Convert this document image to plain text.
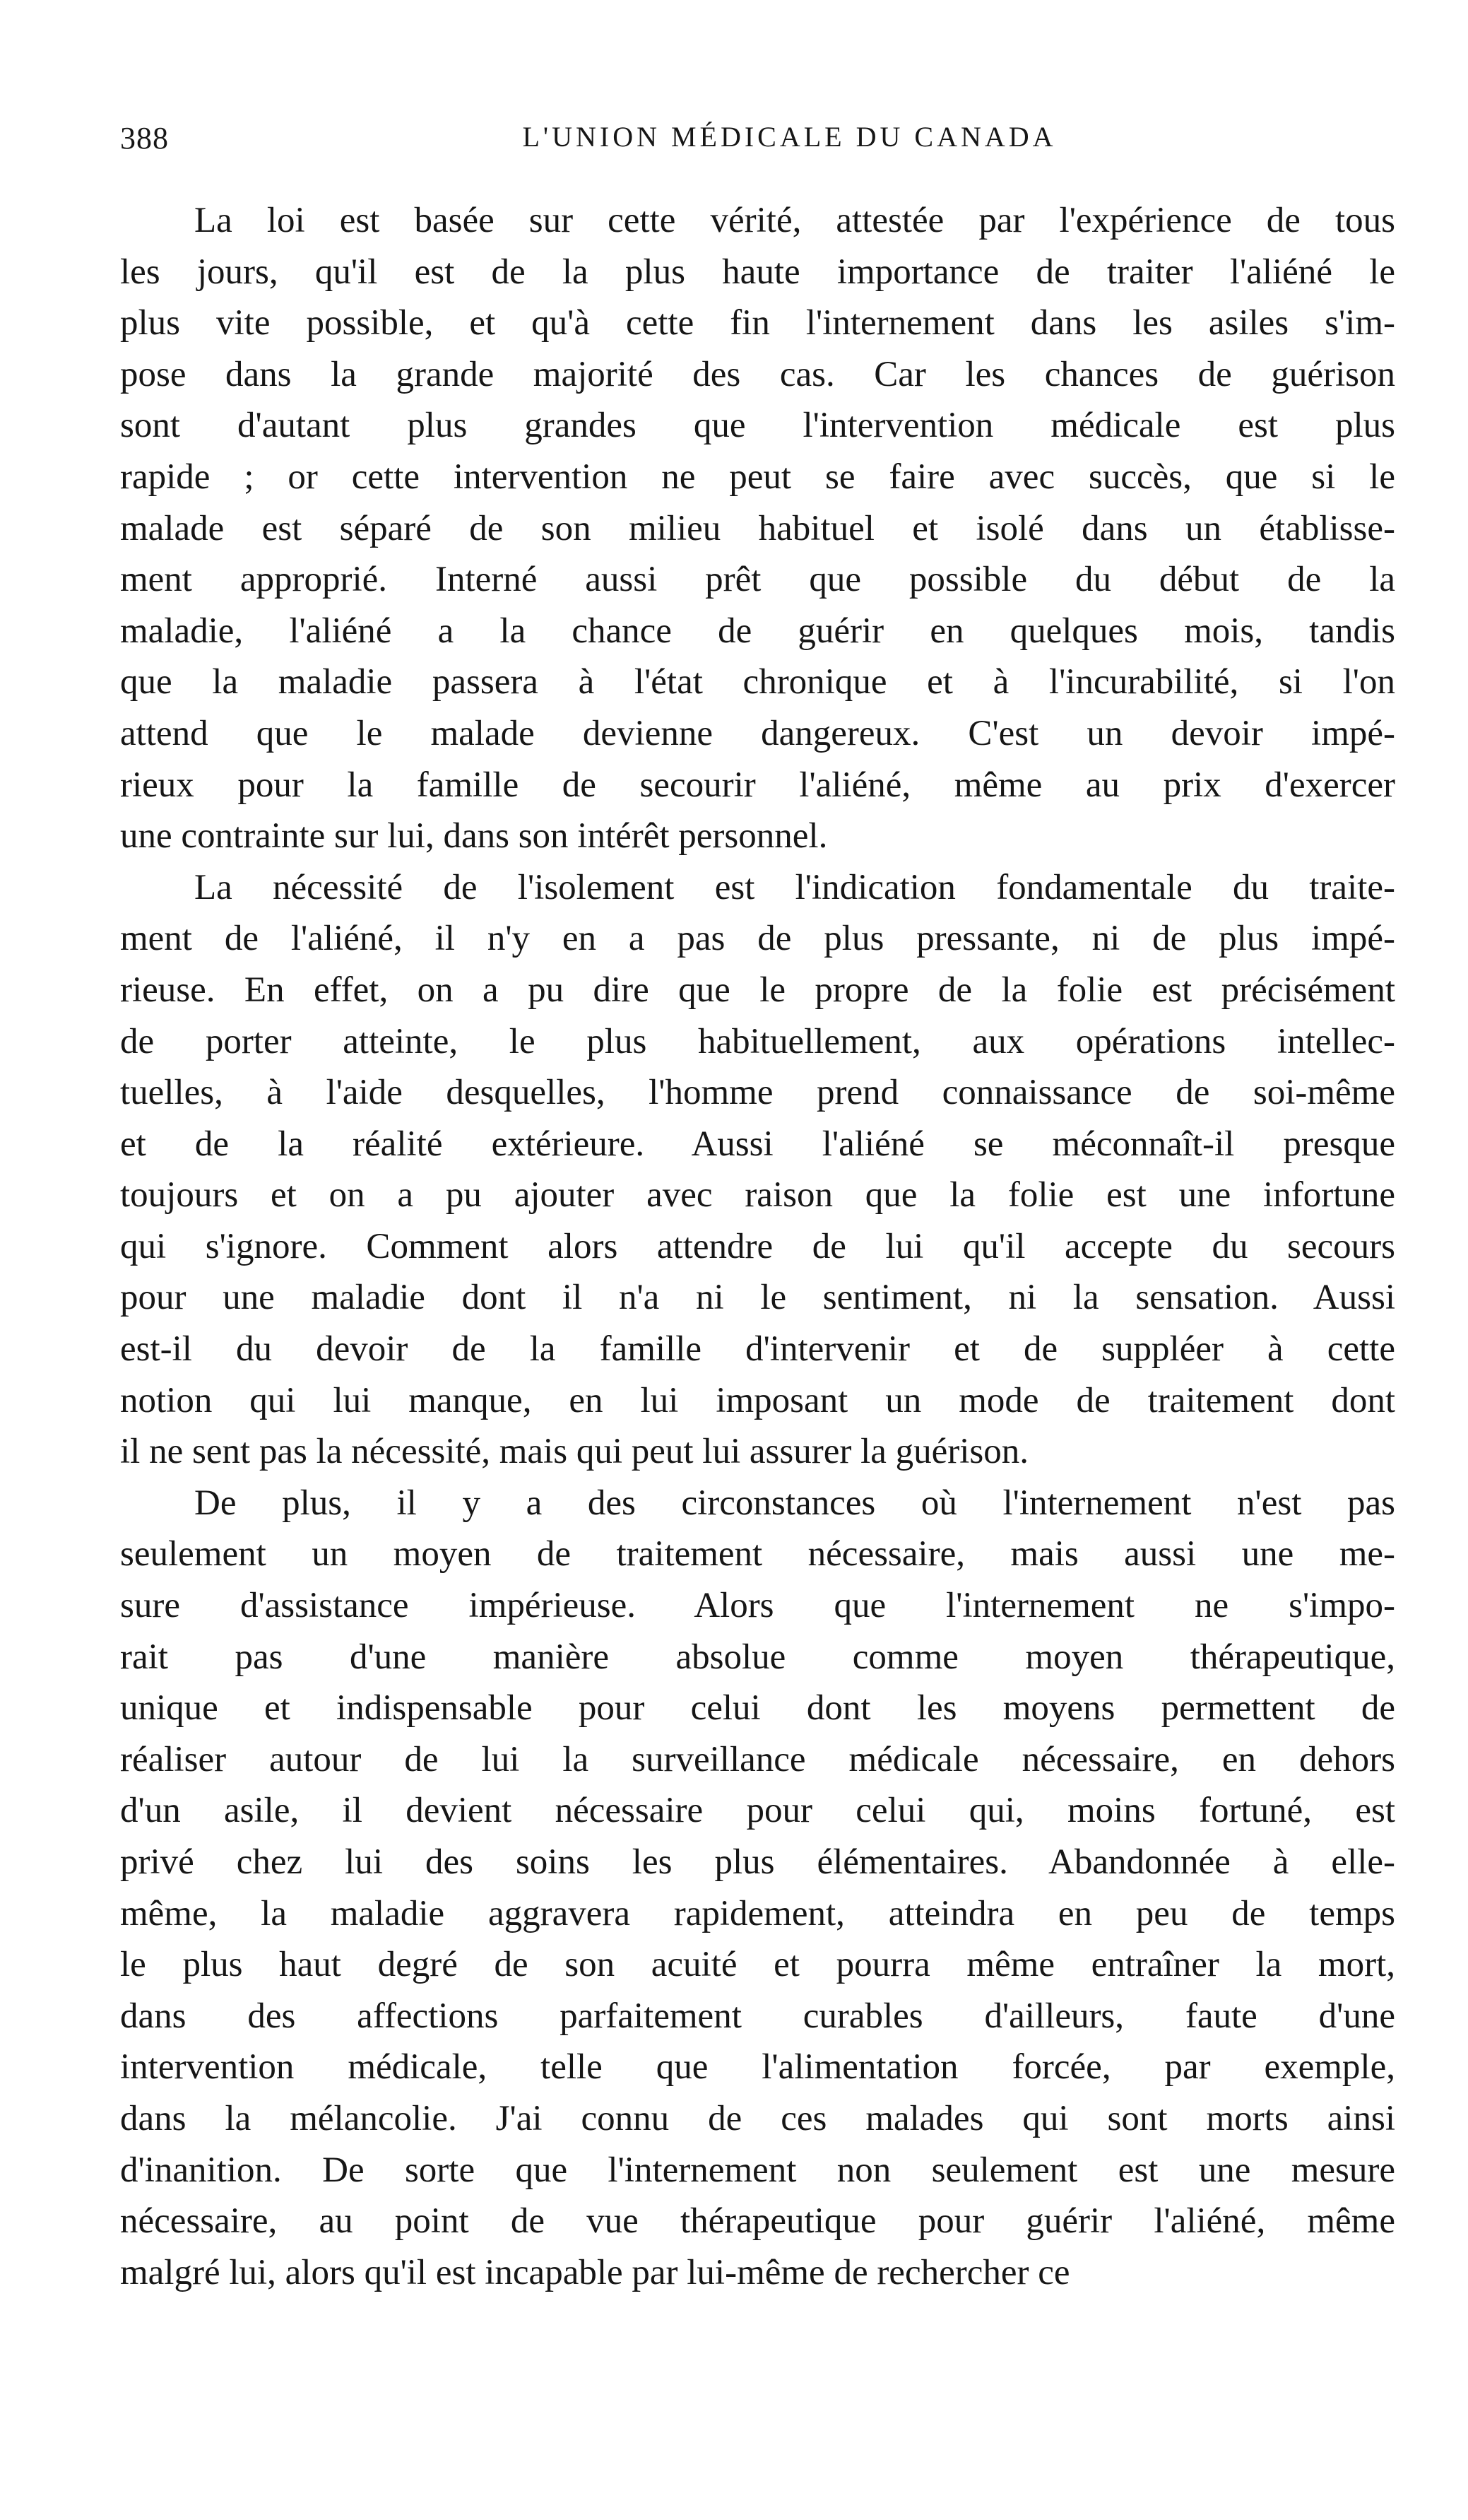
388	L'UNION MÉDICALE DU CANADA
La loi est basée sur cette vérité, attestée par l'expérience de tous
les jours, qu'il est de la plus haute importance de traiter l'aliéné le
plus vite possible, et qu'à cette fin l'internement dans les asiles s'im-
pose dans la grande majorité des cas. Car les chances de guérison
sont d'autant plus grandes que l'intervention médicale est plus
rapide ; or cette intervention ne peut se faire avec succès, que si le
malade est séparé de son milieu habituel et isolé dans un établisse-
ment approprié. Interné aussi prêt que possible du début de la
maladie, l'aliéné a la chance de guérir en quelques mois, tandis
que la maladie passera à l'état chronique et à l'incurabilité, si l'on
attend que le malade devienne dangereux. C'est un devoir impé-
rieux pour la famille de secourir l'aliéné, même au prix d'exercer
une contrainte sur lui, dans son intérêt personnel.
La nécessité de l'isolement est l'indication fondamentale du traite-
ment de l'aliéné, il n'y en a pas de plus pressante, ni de plus impé-
rieuse. En effet, on a pu dire que le propre de la folie est précisément
de porter atteinte, le plus habituellement, aux opérations intellec-
tuelles, à l'aide desquelles, l'homme prend connaissance de soi-même
et de la réalité extérieure. Aussi l'aliéné se méconnaît-il presque
toujours et on a pu ajouter avec raison que la folie est une infortune
qui s'ignore. Comment alors attendre de lui qu'il accepte du secours
pour une maladie dont il n'a ni le sentiment, ni la sensation. Aussi
est-il du devoir de la famille d'intervenir et de suppléer à cette
notion qui lui manque, en lui imposant un mode de traitement dont
il ne sent pas la nécessité, mais qui peut lui assurer la guérison.
De plus, il y a des circonstances où l'internement n'est pas
seulement un moyen de traitement nécessaire, mais aussi une me-
sure d'assistance impérieuse. Alors que l'internement ne s'impo-
rait pas d'une manière absolue comme moyen thérapeutique,
unique et indispensable pour celui dont les moyens permettent de
réaliser autour de lui la surveillance médicale nécessaire, en dehors
d'un asile, il devient nécessaire pour celui qui, moins fortuné, est
privé chez lui des soins les plus élémentaires. Abandonnée à elle-
même, la maladie aggravera rapidement, atteindra en peu de temps
le plus haut degré de son acuité et pourra même entraîner la mort,
dans des affections parfaitement curables d'ailleurs, faute d'une
intervention médicale, telle que l'alimentation forcée, par exemple,
dans la mélancolie. J'ai connu de ces malades qui sont morts ainsi
d'inanition. De sorte que l'internement non seulement est une mesure
nécessaire, au point de vue thérapeutique pour guérir l'aliéné, même
malgré lui, alors qu'il est incapable par lui-même de rechercher ce
